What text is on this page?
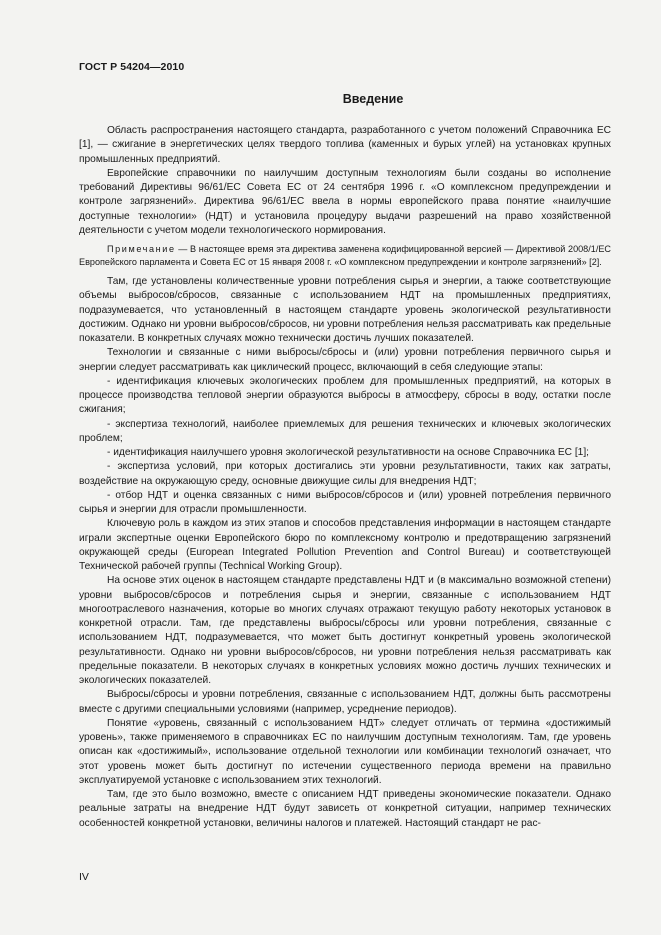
ГОСТ Р 54204—2010
Введение

Область распространения настоящего стандарта, разработанного с учетом положений Справочника ЕС [1], — сжигание в энергетических целях твердого топлива (каменных и бурых углей) на установках крупных промышленных предприятий.

Европейские справочники по наилучшим доступным технологиям были созданы во исполнение требований Директивы 96/61/ЕС Совета ЕС от 24 сентября 1996 г. «О комплексном предупреждении и контроле загрязнений». Директива 96/61/ЕС ввела в нормы европейского права понятие «наилучшие доступные технологии» (НДТ) и установила процедуру выдачи разрешений на право хозяйственной деятельности с учетом модели технологического нормирования.

Примечание — В настоящее время эта директива заменена кодифицированной версией — Директивой 2008/1/ЕС Европейского парламента и Совета ЕС от 15 января 2008 г. «О комплексном предупреждении и контроле загрязнений» [2].

Там, где установлены количественные уровни потребления сырья и энергии, а также соответствующие объемы выбросов/сбросов, связанные с использованием НДТ на промышленных предприятиях, подразумевается, что установленный в настоящем стандарте уровень экологической результативности достижим. Однако ни уровни выбросов/сбросов, ни уровни потребления нельзя рассматривать как предельные показатели. В конкретных случаях можно технически достичь лучших показателей.

Технологии и связанные с ними выбросы/сбросы и (или) уровни потребления первичного сырья и энергии следует рассматривать как циклический процесс, включающий в себя следующие этапы:

- идентификация ключевых экологических проблем для промышленных предприятий, на которых в процессе производства тепловой энергии образуются выбросы в атмосферу, сбросы в воду, остатки после сжигания;

- экспертиза технологий, наиболее приемлемых для решения технических и ключевых экологических проблем;

- идентификация наилучшего уровня экологической результативности на основе Справочника ЕС [1];

- экспертиза условий, при которых достигались эти уровни результативности, таких как затраты, воздействие на окружающую среду, основные движущие силы для внедрения НДТ;

- отбор НДТ и оценка связанных с ними выбросов/сбросов и (или) уровней потребления первичного сырья и энергии для отрасли промышленности.

Ключевую роль в каждом из этих этапов и способов представления информации в настоящем стандарте играли экспертные оценки Европейского бюро по комплексному контролю и предотвращению загрязнений окружающей среды (European Integrated Pollution Prevention and Control Bureau) и соответствующей Технической рабочей группы (Technical Working Group).

На основе этих оценок в настоящем стандарте представлены НДТ и (в максимально возможной степени) уровни выбросов/сбросов и потребления сырья и энергии, связанные с использованием НДТ многоотраслевого назначения, которые во многих случаях отражают текущую работу некоторых установок в конкретной отрасли. Там, где представлены выбросы/сбросы или уровни потребления, связанные с использованием НДТ, подразумевается, что может быть достигнут конкретный уровень экологической результативности. Однако ни уровни выбросов/сбросов, ни уровни потребления нельзя рассматривать как предельные показатели. В некоторых случаях в конкретных условиях можно достичь лучших технических и экологических показателей.

Выбросы/сбросы и уровни потребления, связанные с использованием НДТ, должны быть рассмотрены вместе с другими специальными условиями (например, усреднение периодов).

Понятие «уровень, связанный с использованием НДТ» следует отличать от термина «достижимый уровень», также применяемого в справочниках ЕС по наилучшим доступным технологиям. Там, где уровень описан как «достижимый», использование отдельной технологии или комбинации технологий означает, что этот уровень может быть достигнут по истечении существенного периода времени на правильно эксплуатируемой установке с использованием этих технологий.

Там, где это было возможно, вместе с описанием НДТ приведены экономические показатели. Однако реальные затраты на внедрение НДТ будут зависеть от конкретной ситуации, например технических особенностей конкретной установки, величины налогов и платежей. Настоящий стандарт не рас-

IV
